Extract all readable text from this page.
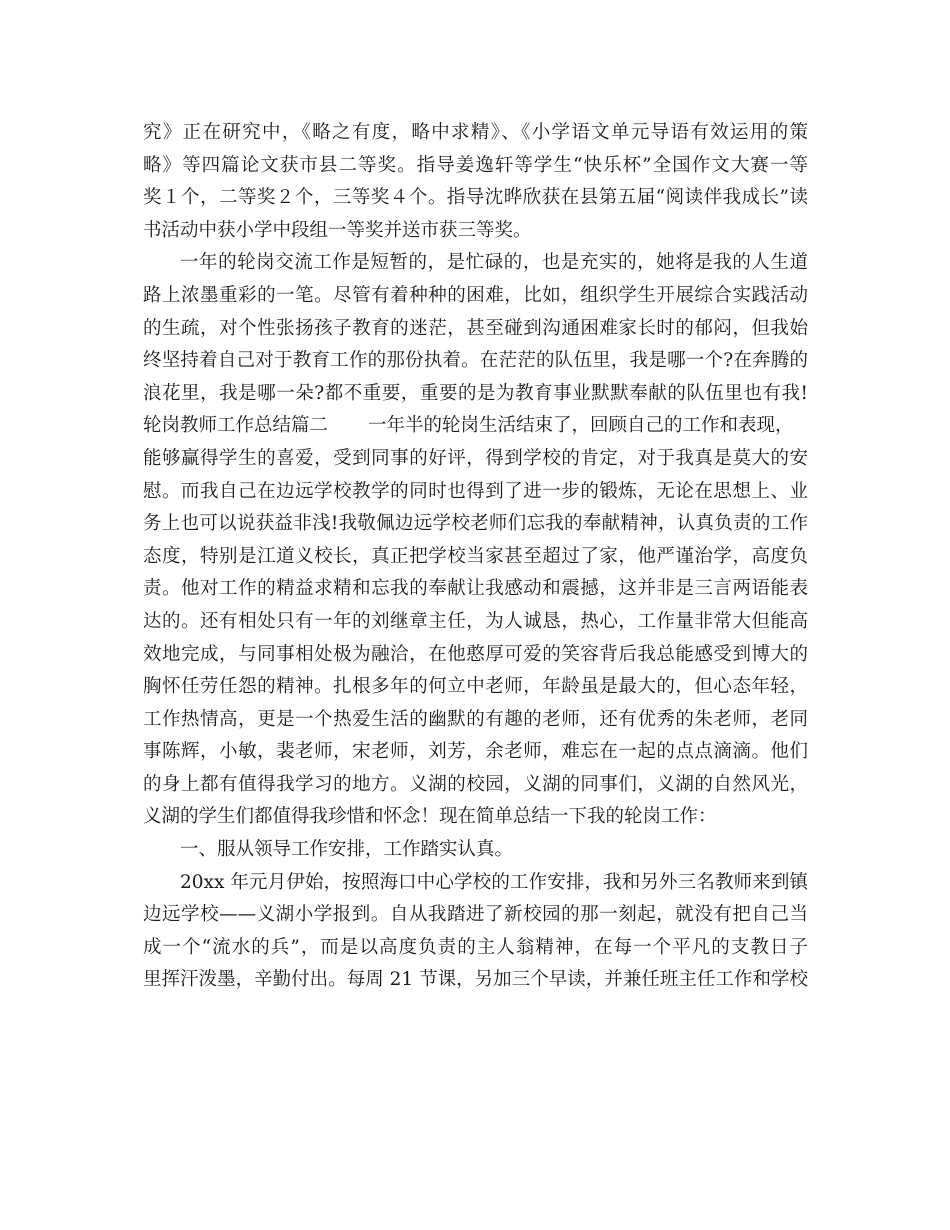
究》正在研究中，《略之有度，略中求精》、《小学语文单元导语有效运用的策
略》等四篇论文获市县二等奖。指导姜逸轩等学生“快乐杯”全国作文大赛一等
奖１个，二等奖２个，三等奖４个。指导沈晔欣获在县第五届“阅读伴我成长”读
书活动中获小学中段组一等奖并送市获三等奖。
一年的轮岗交流工作是短暂的，是忙碌的，也是充实的，她将是我的人生道
路上浓墨重彩的一笔。尽管有着种种的困难，比如，组织学生开展综合实践活动
的生疏，对个性张扬孩子教育的迷茫，甚至碰到沟通困难家长时的郁闷，但我始
终坚持着自己对于教育工作的那份执着。在茫茫的队伍里，我是哪一个?在奔腾的
浪花里，我是哪一朵?都不重要，重要的是为教育事业默默奉献的队伍里也有我!
轮岗教师工作总结篇二 一年半的轮岗生活结束了，回顾自己的工作和表现，
能够赢得学生的喜爱，受到同事的好评，得到学校的肯定，对于我真是莫大的安
慰。而我自己在边远学校教学的同时也得到了进一步的锻炼，无论在思想上、业
务上也可以说获益非浅!我敬佩边远学校老师们忘我的奉献精神，认真负责的工作
态度，特别是江道义校长，真正把学校当家甚至超过了家，他严谨治学，高度负
责。他对工作的精益求精和忘我的奉献让我感动和震撼，这并非是三言两语能表
达的。还有相处只有一年的刘继章主任，为人诚恳，热心，工作量非常大但能高
效地完成，与同事相处极为融洽，在他憨厚可爱的笑容背后我总能感受到博大的
胸怀任劳任怨的精神。扎根多年的何立中老师，年龄虽是最大的，但心态年轻，
工作热情高，更是一个热爱生活的幽默的有趣的老师，还有优秀的朱老师，老同
事陈辉，小敏，裴老师，宋老师，刘芳，余老师，难忘在一起的点点滴滴。他们
的身上都有值得我学习的地方。义湖的校园，义湖的同事们，义湖的自然风光，
义湖的学生们都值得我珍惜和怀念！现在简单总结一下我的轮岗工作：
一、服从领导工作安排，工作踏实认真。
20xx 年元月伊始，按照海口中心学校的工作安排，我和另外三名教师来到镇
边远学校——义湖小学报到。自从我踏进了新校园的那一刻起，就没有把自己当
成一个“流水的兵”，而是以高度负责的主人翁精神，在每一个平凡的支教日子
里挥汗泼墨，辛勤付出。每周 21 节课，另加三个早读，并兼任班主任工作和学校
